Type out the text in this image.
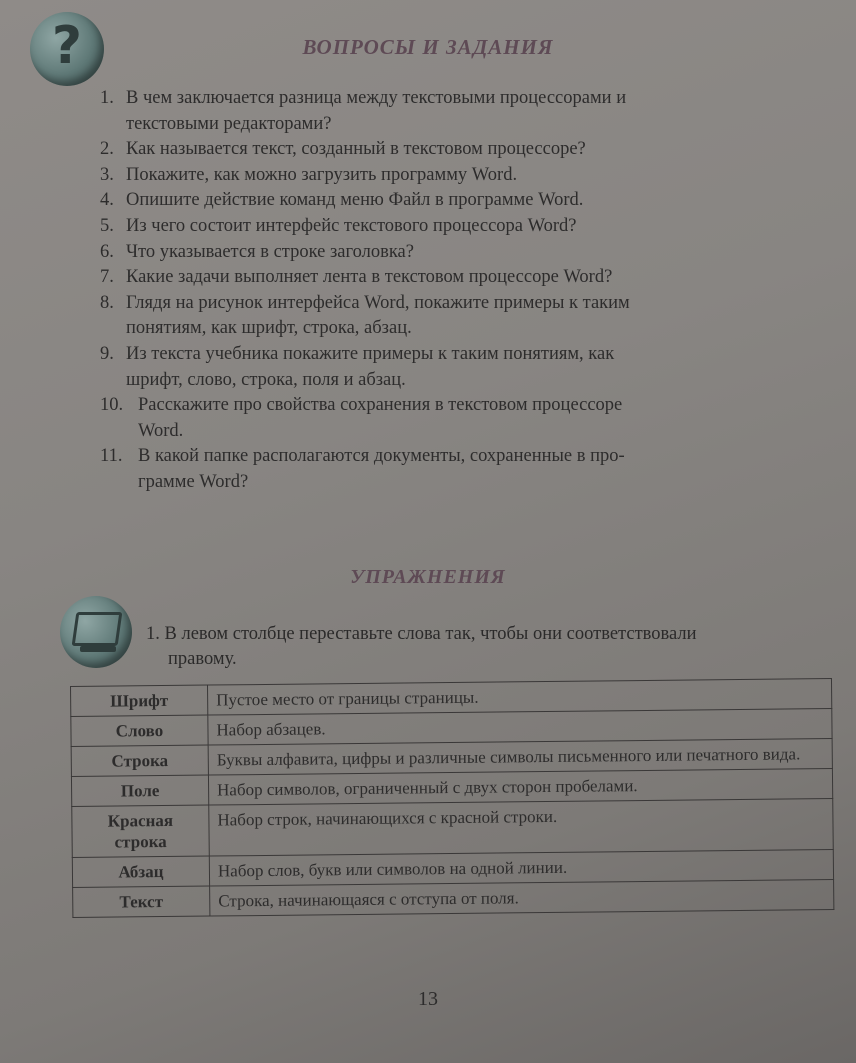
?	ВОПРОСЫ И ЗАДАНИЯ
1. В чем заключается разница между текстовыми процессорами и
текстовыми редакторами?
2. Как называется текст, созданный в текстовом процессоре?
3. Покажите, как можно загрузить программу Word.
4. Опишите действие команд меню Файл в программе Word.
5. Из чего состоит интерфейс текстового процессора Word?
6. Что указывается в строке заголовка?
7. Какие задачи выполняет лента в текстовом процессоре Word?
8. Глядя на рисунок интерфейса Word, покажите примеры к таким
понятиям, как шрифт, строка, абзац.
9. Из текста учебника покажите примеры к таким понятиям, как
шрифт, слово, строка, поля и абзац.
10. Расскажите про свойства сохранения в текстовом процессоре
Word.
11. В какой папке располагаются документы, сохраненные в про-
грамме Word?
УПРАЖНЕНИЯ
1. В левом столбце переставьте слова так, чтобы они соответствовали
правому.
Шрифт	Пустое место от границы страницы.
Слово	Набор абзацев.
Строка	Буквы алфавита, цифры и различные символы письменного или печатного вида.
Поле	Набор символов, ограниченный с двух сторон пробелами.
Красная строка	Набор строк, начинающихся с красной строки.
Абзац	Набор слов, букв или символов на одной линии.
Текст	Строка, начинающаяся с отступа от поля.
13
